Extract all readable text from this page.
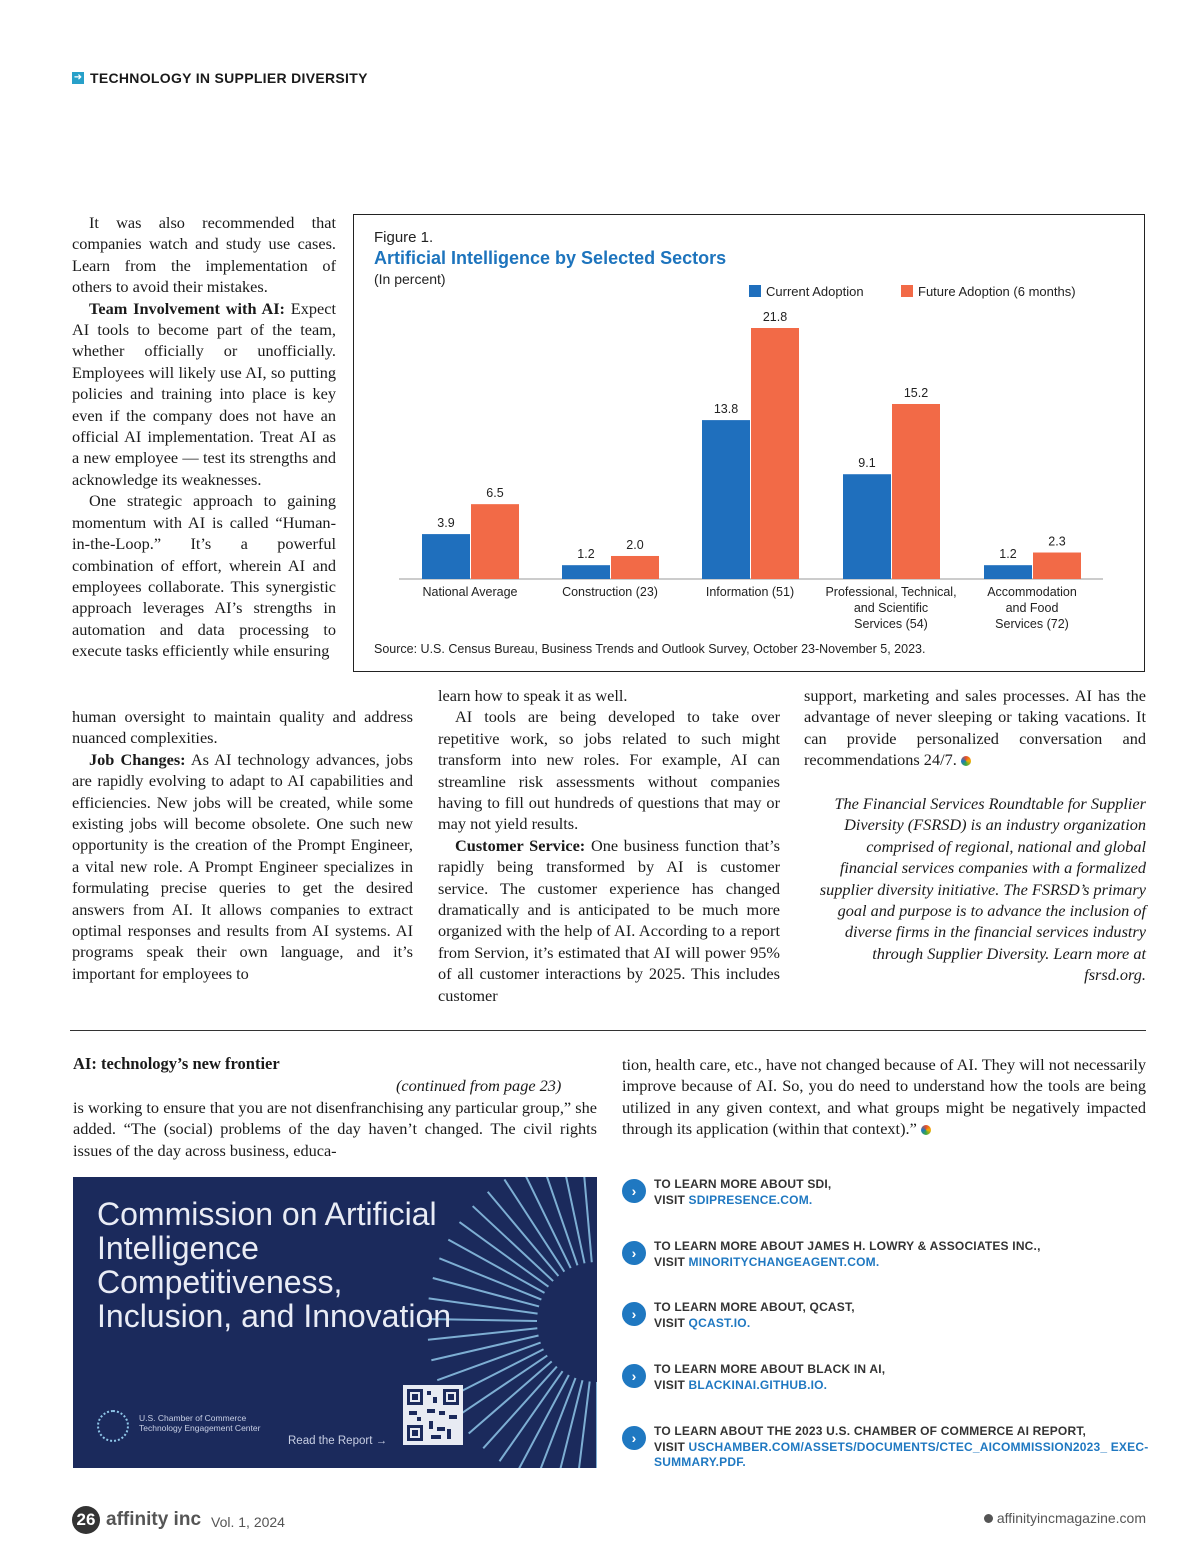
➜ TECHNOLOGY IN SUPPLIER DIVERSITY

It was also recommended that companies watch and study use cases. Learn from the implementation of others to avoid their mistakes.

Team Involvement with AI: Expect AI tools to become part of the team, whether officially or unofficially. Employees will likely use AI, so putting policies and training into place is key even if the company does not have an official AI implementation. Treat AI as a new employee — test its strengths and acknowledge its weaknesses.

One strategic approach to gaining momentum with AI is called “Human-in-the-Loop.” It’s a powerful combination of effort, wherein AI and employees collaborate. This synergistic approach leverages AI’s strengths in automation and data processing to execute tasks efficiently while ensuring

human oversight to maintain quality and address nuanced complexities.

Job Changes: As AI technology advances, jobs are rapidly evolving to adapt to AI capabilities and efficiencies. New jobs will be created, while some existing jobs will become obsolete. One such new opportunity is the creation of the Prompt Engineer, a vital new role. A Prompt Engineer specializes in formulating precise queries to get the desired answers from AI. It allows companies to extract optimal responses and results from AI systems. AI programs speak their own language, and it’s important for employees to

learn how to speak it as well.

AI tools are being developed to take over repetitive work, so jobs related to such might transform into new roles. For example, AI can streamline risk assessments without companies having to fill out hundreds of questions that may or may not yield results.

Customer Service: One business function that’s rapidly being transformed by AI is customer service. The customer experience has changed dramatically and is anticipated to be much more organized with the help of AI. According to a report from Servion, it’s estimated that AI will power 95% of all customer interactions by 2025. This includes customer

support, marketing and sales processes. AI has the advantage of never sleeping or taking vacations. It can provide personalized conversation and recommendations 24/7.

The Financial Services Roundtable for Supplier Diversity (FSRSD) is an industry organization comprised of regional, national and global financial services companies with a formalized supplier diversity initiative. The FSRSD’s primary goal and purpose is to advance the inclusion of diverse firms in the financial services industry through Supplier Diversity. Learn more at fsrsd.org.
Figure 1.
Artificial Intelligence by Selected Sectors
(In percent)
3.9
1.2
13.8
9.1
1.2
6.5
2.0
21.8
15.2
2.3
National Average	Construction (23)	Information (51)	Professional, Technical,
and Scientific
Services (54)
Accommodation
and Food
Services (72)
Current Adoption	Future Adoption (6 months)
Source: U.S. Census Bureau, Business Trends and Outlook Survey, October 23-November 5, 2023.
AI: technology’s new frontier
(continued from page 23)

is working to ensure that you are not disenfranchising any particular group,” she added. “The (social) problems of the day haven’t changed. The civil rights issues of the day across business, educa-

tion, health care, etc., have not changed because of AI. They will not necessarily improve because of AI. So, you do need to understand how the tools are being utilized in any given context, and what groups might be negatively impacted through its application (within that context).”

Commission on Artificial Intelligence Competitiveness, Inclusion, and Innovation
U.S. Chamber of Commerce Technology Engagement Center
Read the Report →
›	TO LEARN MORE ABOUT SDI,
VISIT SDIPRESENCE.COM.
›	TO LEARN MORE ABOUT JAMES H. LOWRY & ASSOCIATES INC.,
VISIT MINORITYCHANGEAGENT.COM.
›	TO LEARN MORE ABOUT, QCAST,
VISIT QCAST.IO.
›	TO LEARN MORE ABOUT BLACK IN AI,
VISIT BLACKINAI.GITHUB.IO.
›	TO LEARN ABOUT THE 2023 U.S. CHAMBER OF COMMERCE AI REPORT,
VISIT USCHAMBER.COM/ASSETS/DOCUMENTS/CTEC_AICOMMISSION2023_ EXEC-SUMMARY.PDF.
26 affinity inc Vol. 1, 2024	affinityincmagazine.com
